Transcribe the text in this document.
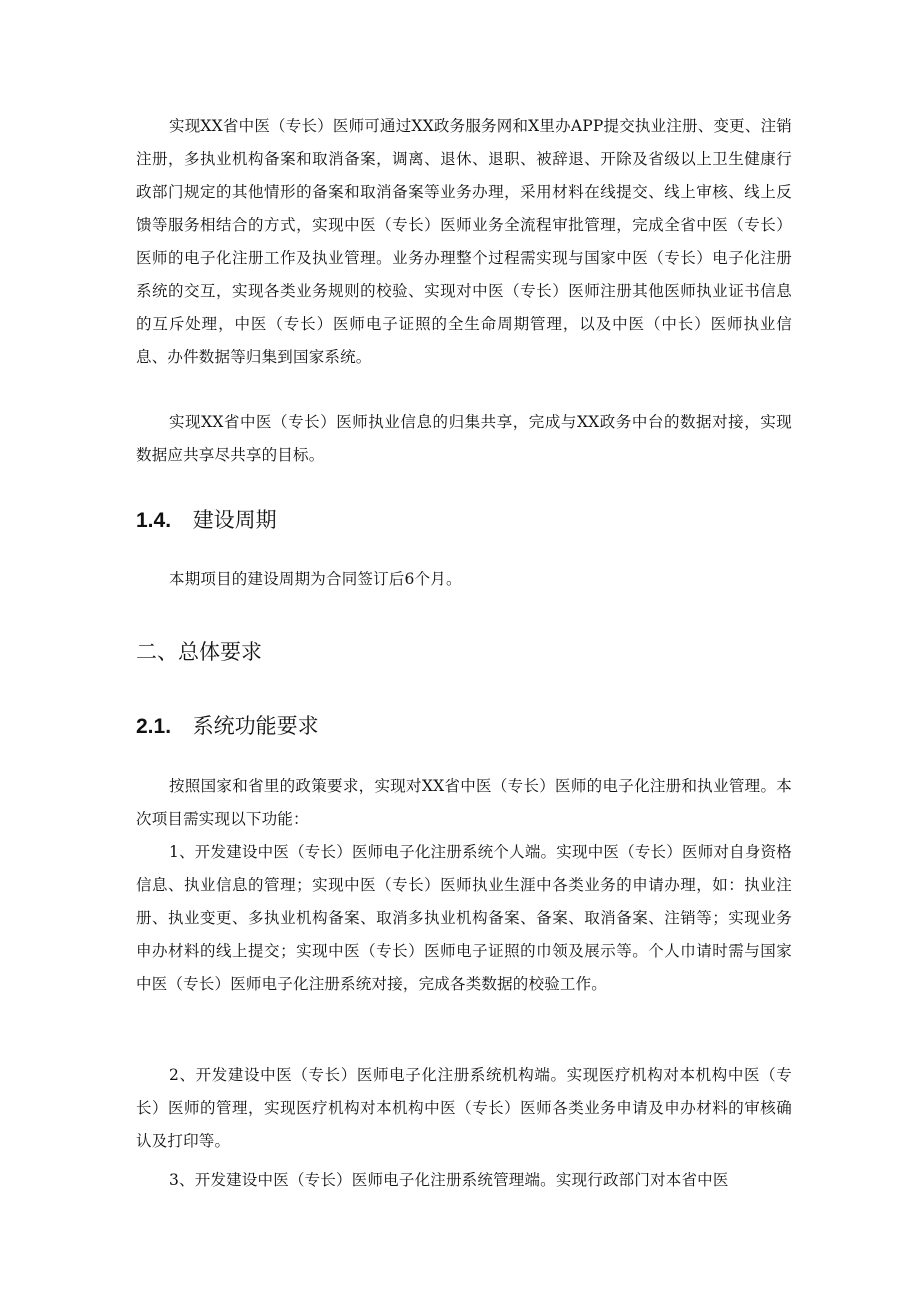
实现XX省中医（专长）医师可通过XX政务服务网和X里办APP提交执业注册、变更、注销注册，多执业机构备案和取消备案，调离、退休、退职、被辞退、开除及省级以上卫生健康行政部门规定的其他情形的备案和取消备案等业务办理，采用材料在线提交、线上审核、线上反馈等服务相结合的方式，实现中医（专长）医师业务全流程审批管理，完成全省中医（专长）医师的电子化注册工作及执业管理。业务办理整个过程需实现与国家中医（专长）电子化注册系统的交互，实现各类业务规则的校验、实现对中医（专长）医师注册其他医师执业证书信息的互斥处理，中医（专长）医师电子证照的全生命周期管理，以及中医（中长）医师执业信息、办件数据等归集到国家系统。

实现XX省中医（专长）医师执业信息的归集共享，完成与XX政务中台的数据对接，实现数据应共享尽共享的目标。

1.4. 建设周期

本期项目的建设周期为合同签订后6个月。

二、总体要求
2.1. 系统功能要求

按照国家和省里的政策要求，实现对XX省中医（专长）医师的电子化注册和执业管理。本次项目需实现以下功能：

1、开发建设中医（专长）医师电子化注册系统个人端。实现中医（专长）医师对自身资格信息、执业信息的管理；实现中医（专长）医师执业生涯中各类业务的申请办理，如：执业注册、执业变更、多执业机构备案、取消多执业机构备案、备案、取消备案、注销等；实现业务申办材料的线上提交；实现中医（专长）医师电子证照的巾领及展示等。个人巾请时需与国家中医（专长）医师电子化注册系统对接，完成各类数据的校验工作。

2、开发建设中医（专长）医师电子化注册系统机构端。实现医疗机构对本机构中医（专长）医师的管理，实现医疗机构对本机构中医（专长）医师各类业务申请及申办材料的审核确认及打印等。

3、开发建设中医（专长）医师电子化注册系统管理端。实现行政部门对本省中医
